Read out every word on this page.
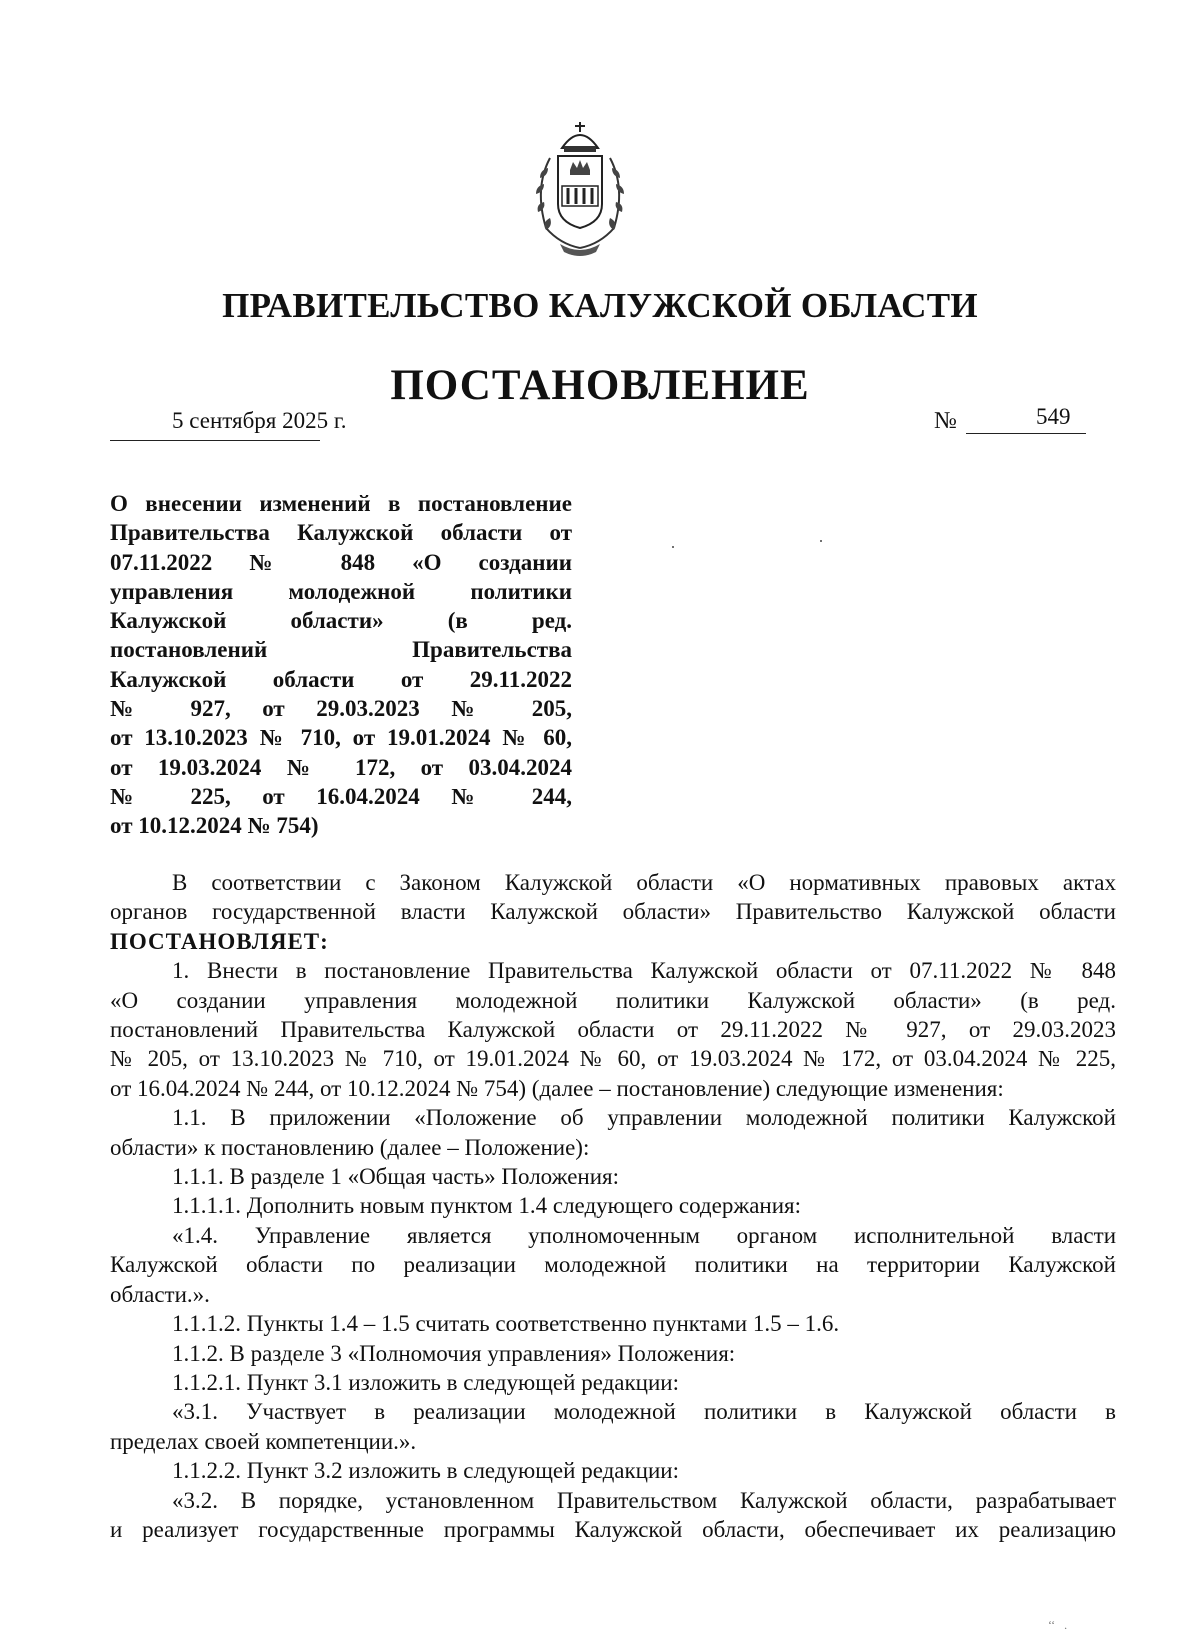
ПРАВИТЕЛЬСТВО КАЛУЖСКОЙ ОБЛАСТИ
ПОСТАНОВЛЕНИЕ
5 сентября 2025 г.	№	549
О внесении изменений в постановление
Правительства Калужской области от
07.11.2022 № 848 «О создании
управления молодежной политики
Калужской области» (в ред.
постановлений Правительства
Калужской области от 29.11.2022
№ 927, от 29.03.2023 № 205,
от 13.10.2023 № 710, от 19.01.2024 № 60,
от 19.03.2024 № 172, от 03.04.2024
№ 225, от 16.04.2024 № 244,
от 10.12.2024 № 754)
В соответствии с Законом Калужской области «О нормативных правовых актах
органов государственной власти Калужской области» Правительство Калужской области
ПОСТАНОВЛЯЕТ:
1. Внести в постановление Правительства Калужской области от 07.11.2022 № 848
«О создании управления молодежной политики Калужской области» (в ред.
постановлений Правительства Калужской области от 29.11.2022 № 927, от 29.03.2023
№ 205, от 13.10.2023 № 710, от 19.01.2024 № 60, от 19.03.2024 № 172, от 03.04.2024 № 225,
от 16.04.2024 № 244, от 10.12.2024 № 754) (далее – постановление) следующие изменения:
1.1. В приложении «Положение об управлении молодежной политики Калужской
области» к постановлению (далее – Положение):
1.1.1. В разделе 1 «Общая часть» Положения:
1.1.1.1. Дополнить новым пунктом 1.4 следующего содержания:
«1.4. Управление является уполномоченным органом исполнительной власти
Калужской области по реализации молодежной политики на территории Калужской
области.».
1.1.1.2. Пункты 1.4 – 1.5 считать соответственно пунктами 1.5 – 1.6.
1.1.2. В разделе 3 «Полномочия управления» Положения:
1.1.2.1. Пункт 3.1 изложить в следующей редакции:
«3.1. Участвует в реализации молодежной политики в Калужской области в
пределах своей компетенции.».
1.1.2.2. Пункт 3.2 изложить в следующей редакции:
«3.2. В порядке, установленном Правительством Калужской области, разрабатывает
и реализует государственные программы Калужской области, обеспечивает их реализацию
‘‘   .
